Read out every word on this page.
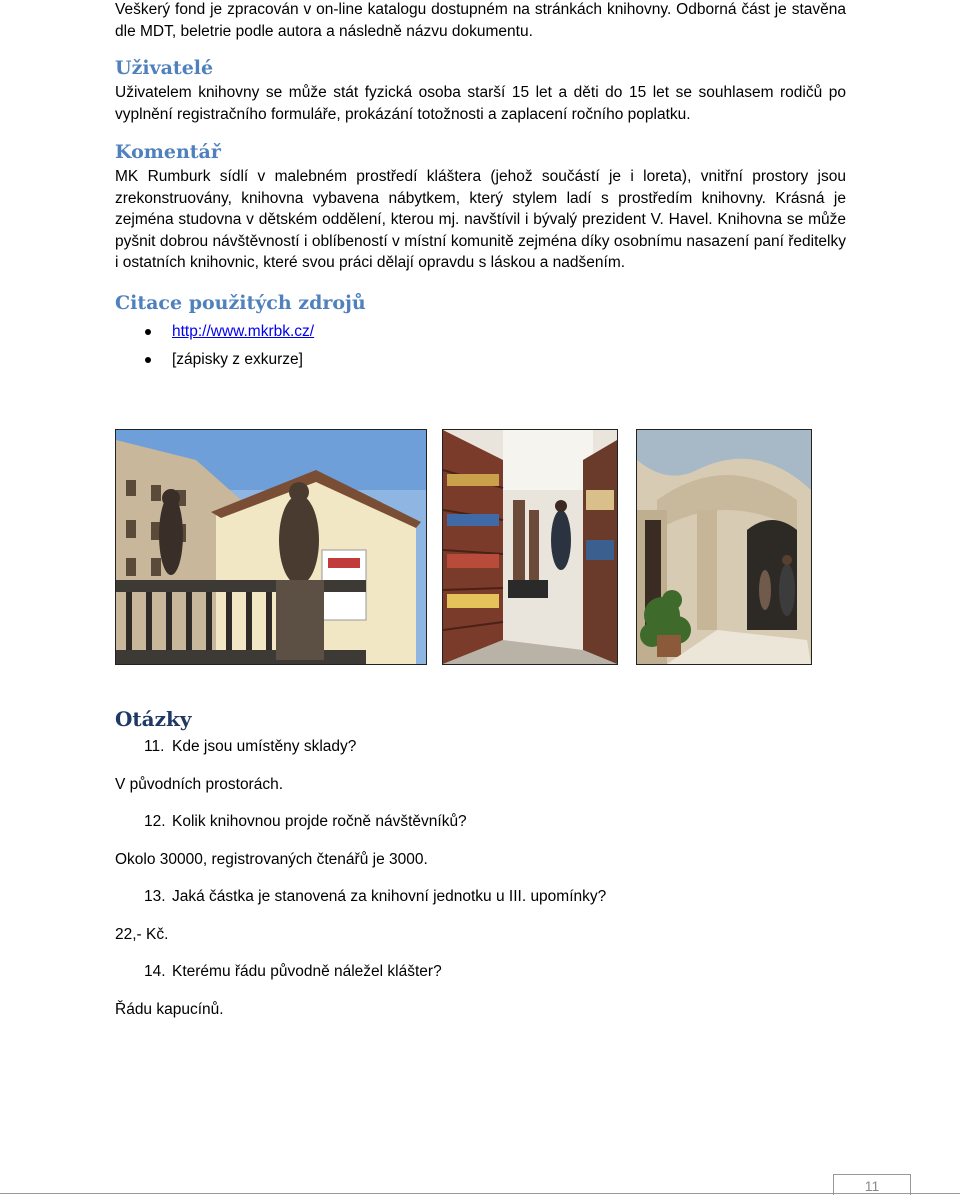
Veškerý fond je zpracován v on-line katalogu dostupném na stránkách knihovny. Odborná část je stavěna dle MDT, beletrie podle autora a následně názvu dokumentu.

Uživatelé

Uživatelem knihovny se může stát fyzická osoba starší 15 let a děti do 15 let se souhlasem rodičů po vyplnění registračního formuláře, prokázání totožnosti a zaplacení ročního poplatku.

Komentář

MK Rumburk sídlí v malebném prostředí kláštera (jehož součástí je i loreta), vnitřní prostory jsou zrekonstruovány, knihovna vybavena nábytkem, který stylem ladí s prostředím knihovny. Krásná je zejména studovna v dětském oddělení, kterou mj. navštívil i bývalý prezident V. Havel. Knihovna se může pyšnit dobrou návštěvností i oblíbeností v místní komunitě zejména díky osobnímu nasazení paní ředitelky i ostatních knihovnic, které svou práci dělají opravdu s láskou a nadšením.

Citace použitých zdrojů
http://www.mkrbk.cz/
[zápisky z exkurze]
Otázky
11. Kde jsou umístěny sklady?
V původních prostorách.
12. Kolik knihovnou projde ročně návštěvníků?
Okolo 30000, registrovaných čtenářů je 3000.
13. Jaká částka je stanovená za knihovní jednotku u III. upomínky?
22,- Kč.
14. Kterému řádu původně náležel klášter?
Řádu kapucínů.
11
